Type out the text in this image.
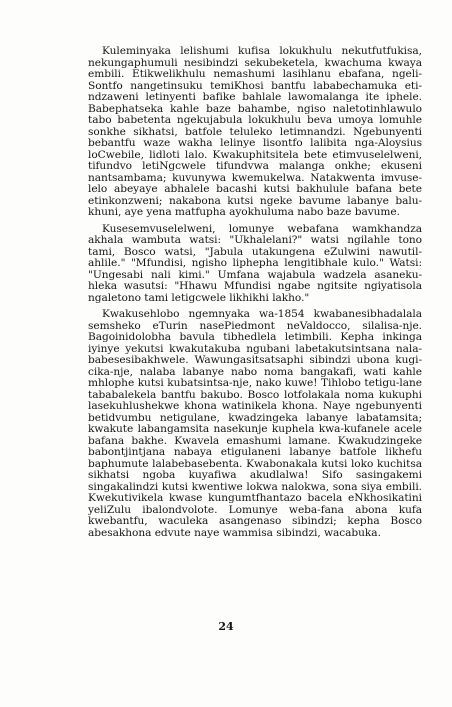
Kuleminyaka lelishumi kufisa lokukhulu nekutfutfukisa, nekungaphumuli nesibindzi sekubeketela, kwachuma kwaya embili. Etikwelikhulu nemashumi lasihlanu ebafana, ngeli-Sontfo nangetinsuku temiKhosi bantfu lababechamuka eti-ndzaweni letinyenti bafike bahlale lawomalanga ite iphele. Babephatseka kahle baze bahambe, ngiso naletotinhlawulo tabo babetenta ngekujabula lokukhulu beva umoya lomuhle sonkhe sikhatsi, batfole teluleko letimnandzi. Ngebunyenti bebantfu waze wakha lelinye lisontfo lalibita nga-Aloysius loCwebile, lidloti lalo. Kwakuphitsitela bete etimvuselelweni, tifundvo letiNgcwele tifundvwa malanga onkhe; ekuseni nantsambama; kuvunywa kwemukelwa. Natakwenta imvuse-lelo abeyaye abhalele bacashi kutsi bakhulule bafana bete etinkonzweni; nakabona kutsi ngeke bavume labanye balu-khuni, aye yena matfupha ayokhuluma nabo baze bavume.

Kusesemvuselelweni, lomunye webafana wamkhandza akhala wambuta watsi: "Ukhalelani?" watsi ngilahle tono tami, Bosco watsi, "Jabula utakungena eZulwini nawutil-ahlile." "Mfundisi, ngisho liphepha lengitibhale kulo." Watsi: "Ungesabi nali kimi." Umfana wajabula wadzela asaneku-hleka wasutsi: "Hhawu Mfundisi ngabe ngitsite ngiyatisola ngaletono tami letigcwele likhikhi lakho."

Kwakusehlobo ngemnyaka wa-1854 kwabanesibhadalala semsheko eTurin nasePiedmont neValdocco, silalisa-nje. Bagoinidolobha bavula tibhedlela letimbili. Kepha inkinga iyinye yekutsi kwakutakuba ngubani labetakutsintsana nala-babesesibakhwele. Wawungasitsatsaphi sibindzi ubona kugi-cika-nje, nalaba labanye nabo noma bangakafi, wati kahle mhlophe kutsi kubatsintsa-nje, nako kuwe! Tihlobo tetigu-lane tababalekela bantfu bakubo. Bosco lotfolakala noma kukuphi lasekuhlushekwe khona watinikela khona. Naye ngebunyenti betidvumbu netigulane, kwadzingeka labanye labatamsita; kwakute labangamsita nasekunje kuphela kwa-kufanele acele bafana bakhe. Kwavela emashumi lamane. Kwakudzingeke babontjintjana nabaya etigulaneni labanye batfole likhefu baphumute lalabebasebenta. Kwabonakala kutsi loko kuchitsa sikhatsi ngoba kuyafiwa akudlalwa! Sifo sasingakemi singakalindzi kutsi kwentiwe lokwa nalokwa, sona siya embili. Kwekutivikela kwase kungumtfhantazo bacela eNkhosikatini yeliZulu ibalondvolote. Lomunye weba-fana abona kufa kwebantfu, waculeka asangenaso sibindzi; kepha Bosco abesakhona edvute naye wammisa sibindzi, wacabuka.

24
